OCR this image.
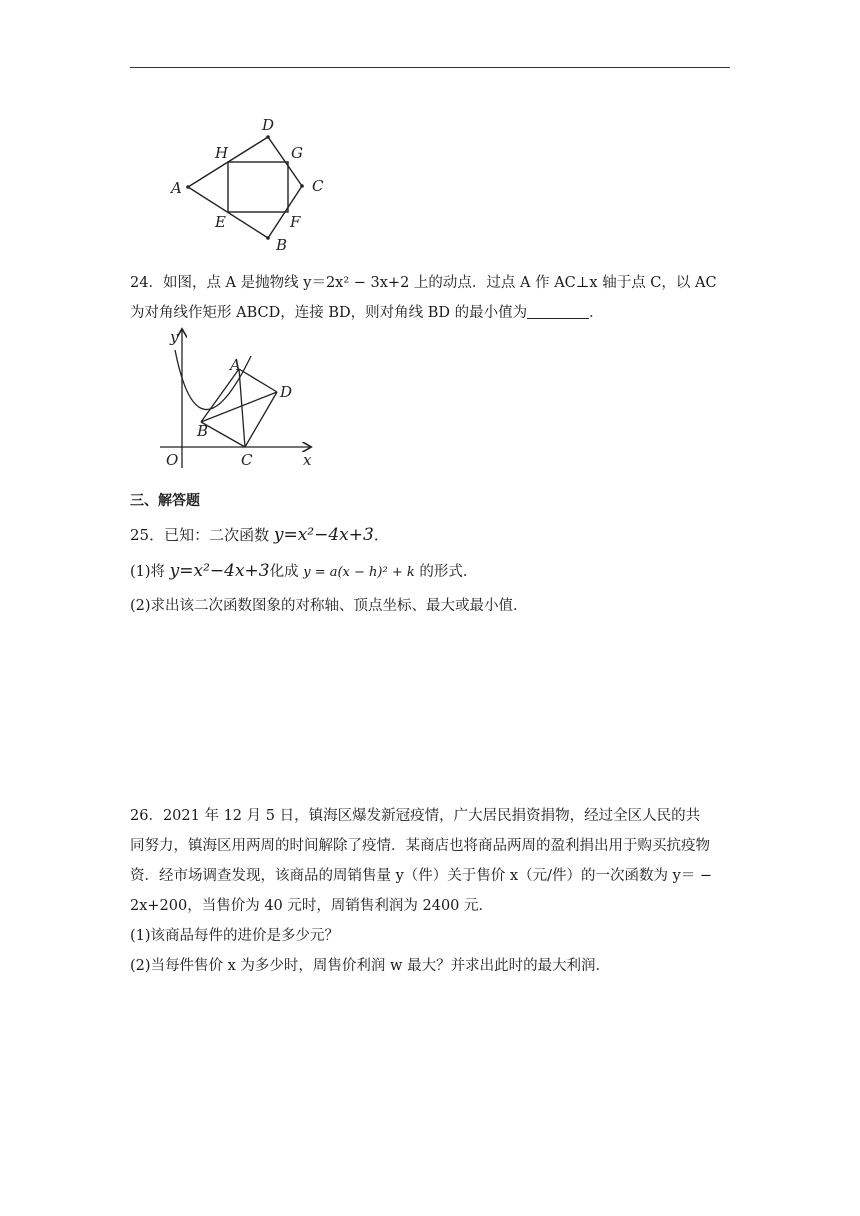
A
D
C
B
H	G
E	F
24．如图，点 A 是抛物线 y＝2x² − 3x+2 上的动点．过点 A 作 AC⊥x 轴于点 C，以 AC
为对角线作矩形 ABCD，连接 BD，则对角线 BD 的最小值为	．
y
x
O
A
B
C
D
三、解答题
25．已知：二次函数 y=x²−4x+3．
(1)将 y=x²−4x+3化成 y = a(x − h)² + k 的形式．
(2)求出该二次函数图象的对称轴、顶点坐标、最大或最小值．
26．2021 年 12 月 5 日，镇海区爆发新冠疫情，广大居民捐资捐物，经过全区人民的共
同努力，镇海区用两周的时间解除了疫情．某商店也将商品两周的盈利捐出用于购买抗疫物
资．经市场调查发现，该商品的周销售量 y（件）关于售价 x（元/件）的一次函数为 y＝ −
2x+200，当售价为 40 元时，周销售利润为 2400 元．
(1)该商品每件的进价是多少元？
(2)当每件售价 x 为多少时，周售价利润 w 最大？并求出此时的最大利润．
